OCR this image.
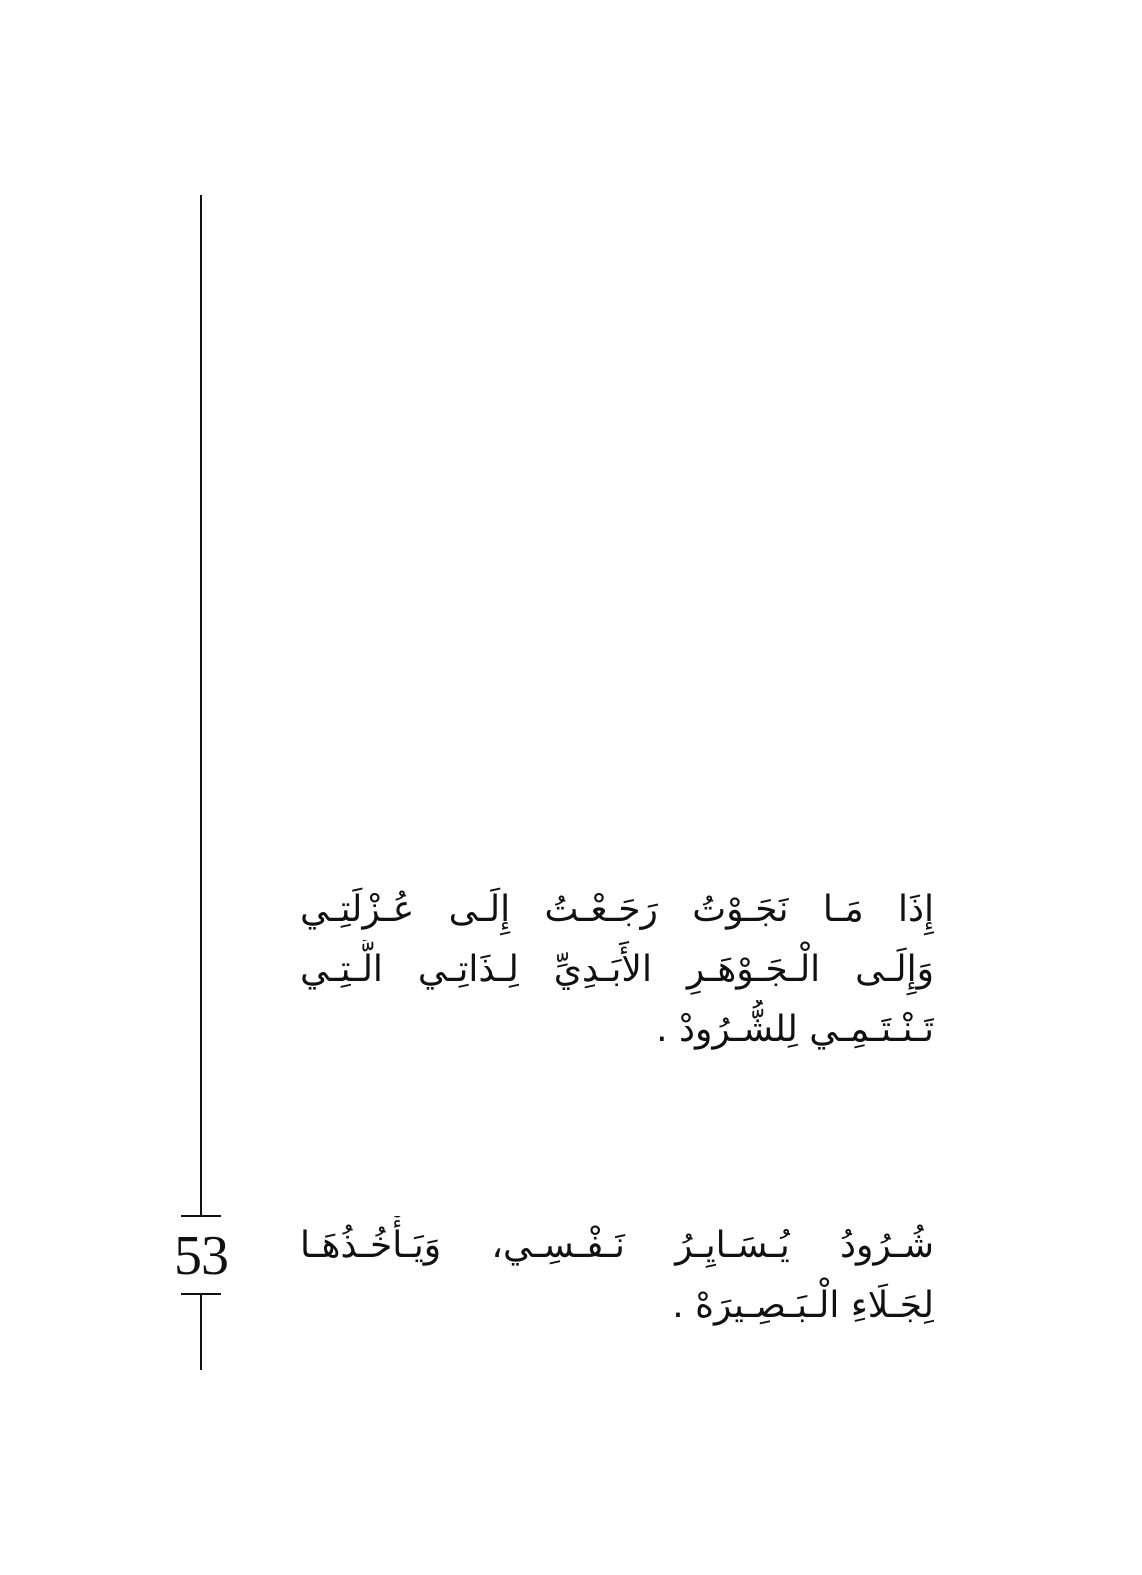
53
إِذَا مَـا نَجَـوْتُ رَجَـعْـتُ إِلَـى عُـزْلَتِـي
وَإِلَـى الْـجَـوْهَـرِ الأَبَـدِيِّ لِـذَاتِـي الَّـتِـي
تَـنْـتَـمِـي لِلشُّـرُودْ .
شُـرُودُ يُـسَـايِـرُ نَـفْـسِـي، وَيَـأْخُـذُهَـا
لِجَـلَاءِ الْـبَـصِـيرَهْ .
